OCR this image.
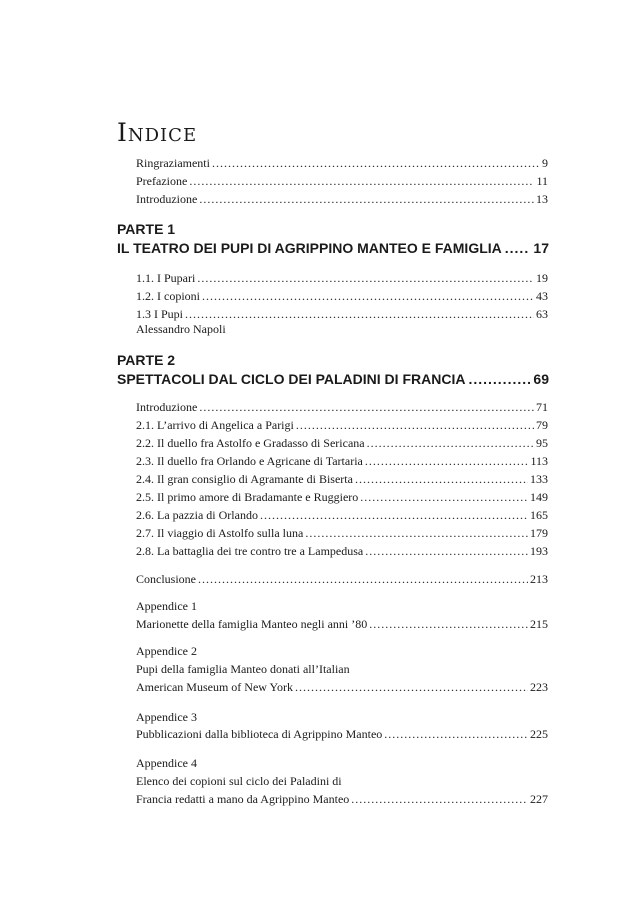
Indice
Ringraziamenti .....	9
Prefazione .....	11
Introduzione .....	13
PARTE 1
IL TEATRO DEI PUPI DI AGRIPPINO MANTEO E FAMIGLIA ..... 17
1.1. I Pupari .....	19
1.2. I copioni .....	43
1.3 I Pupi .....	63
Alessandro Napoli
PARTE 2
SPETTACOLI DAL CICLO DEI PALADINI DI FRANCIA .....	69
Introduzione .....	71
2.1. L’arrivo di Angelica a Parigi .....	79
2.2. Il duello fra Astolfo e Gradasso di Sericana .....	95
2.3. Il duello fra Orlando e Agricane di Tartaria .....	113
2.4. Il gran consiglio di Agramante di Biserta .....	133
2.5. Il primo amore di Bradamante e Ruggiero .....	149
2.6. La pazzia di Orlando .....	165
2.7. Il viaggio di Astolfo sulla luna .....	179
2.8. La battaglia dei tre contro tre a Lampedusa .....	193
Conclusione .....	213
Appendice 1
Marionette della famiglia Manteo negli anni ’80 .....	215
Appendice 2
Pupi della famiglia Manteo donati all’Italian
American Museum of New York .....	223
Appendice 3
Pubblicazioni dalla biblioteca di Agrippino Manteo .....	225
Appendice 4
Elenco dei copioni sul ciclo dei Paladini di
Francia redatti a mano da Agrippino Manteo .....	227
